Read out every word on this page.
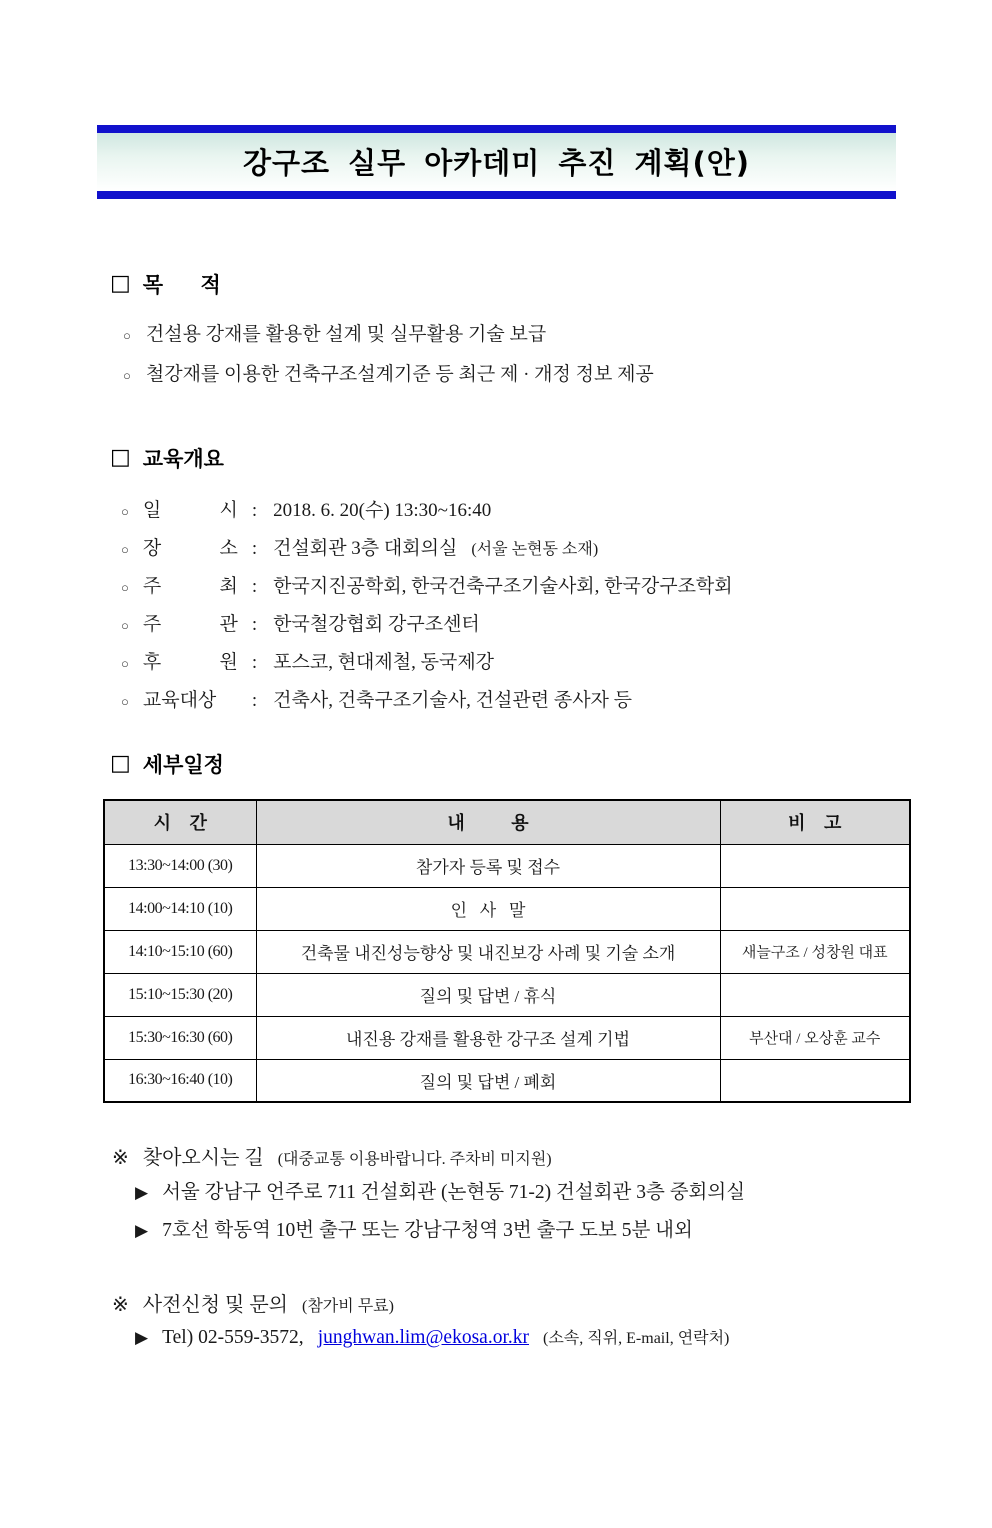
강구조 실무 아카데미 추진 계획(안)
□ 목 적
○ 건설용 강재를 활용한 설계 및 실무활용 기술 보급
○ 철강재를 이용한 건축구조설계기준 등 최근 제 · 개정 정보 제공
□ 교육개요
○ 일 시 : 2018. 6. 20(수) 13:30~16:40
○ 장 소 : 건설회관 3층 대회의실 (서울 논현동 소재)
○ 주 최 : 한국지진공학회, 한국건축구조기술사회, 한국강구조학회
○ 주 관 : 한국철강협회 강구조센터
○ 후 원 : 포스코, 현대제철, 동국제강
○ 교육대상	: 건축사, 건축구조기술사, 건설관련 종사자 등
□ 세부일정
시 간	내 용	비 고
13:30~14:00 (30)	참가자 등록 및 접수	
14:00~14:10 (10)	인   사   말	
14:10~15:10 (60)	건축물 내진성능향상 및 내진보강 사례 및 기술 소개	새늘구조 / 성창원 대표
15:10~15:30 (20)	질의 및 답변 / 휴식	
15:30~16:30 (60)	내진용 강재를 활용한 강구조 설계 기법	부산대 / 오상훈 교수
16:30~16:40 (10)	질의 및 답변 / 폐회	
※ 찾아오시는 길 (대중교통 이용바랍니다. 주차비 미지원)
▶ 서울 강남구 언주로 711 건설회관 (논현동 71-2) 건설회관 3층 중회의실
▶ 7호선 학동역 10번 출구 또는 강남구청역 3번 출구 도보 5분 내외
※ 사전신청 및 문의 (참가비 무료)
▶ Tel) 02-559-3572, junghwan.lim@ekosa.or.kr (소속, 직위, E-mail, 연락처)
